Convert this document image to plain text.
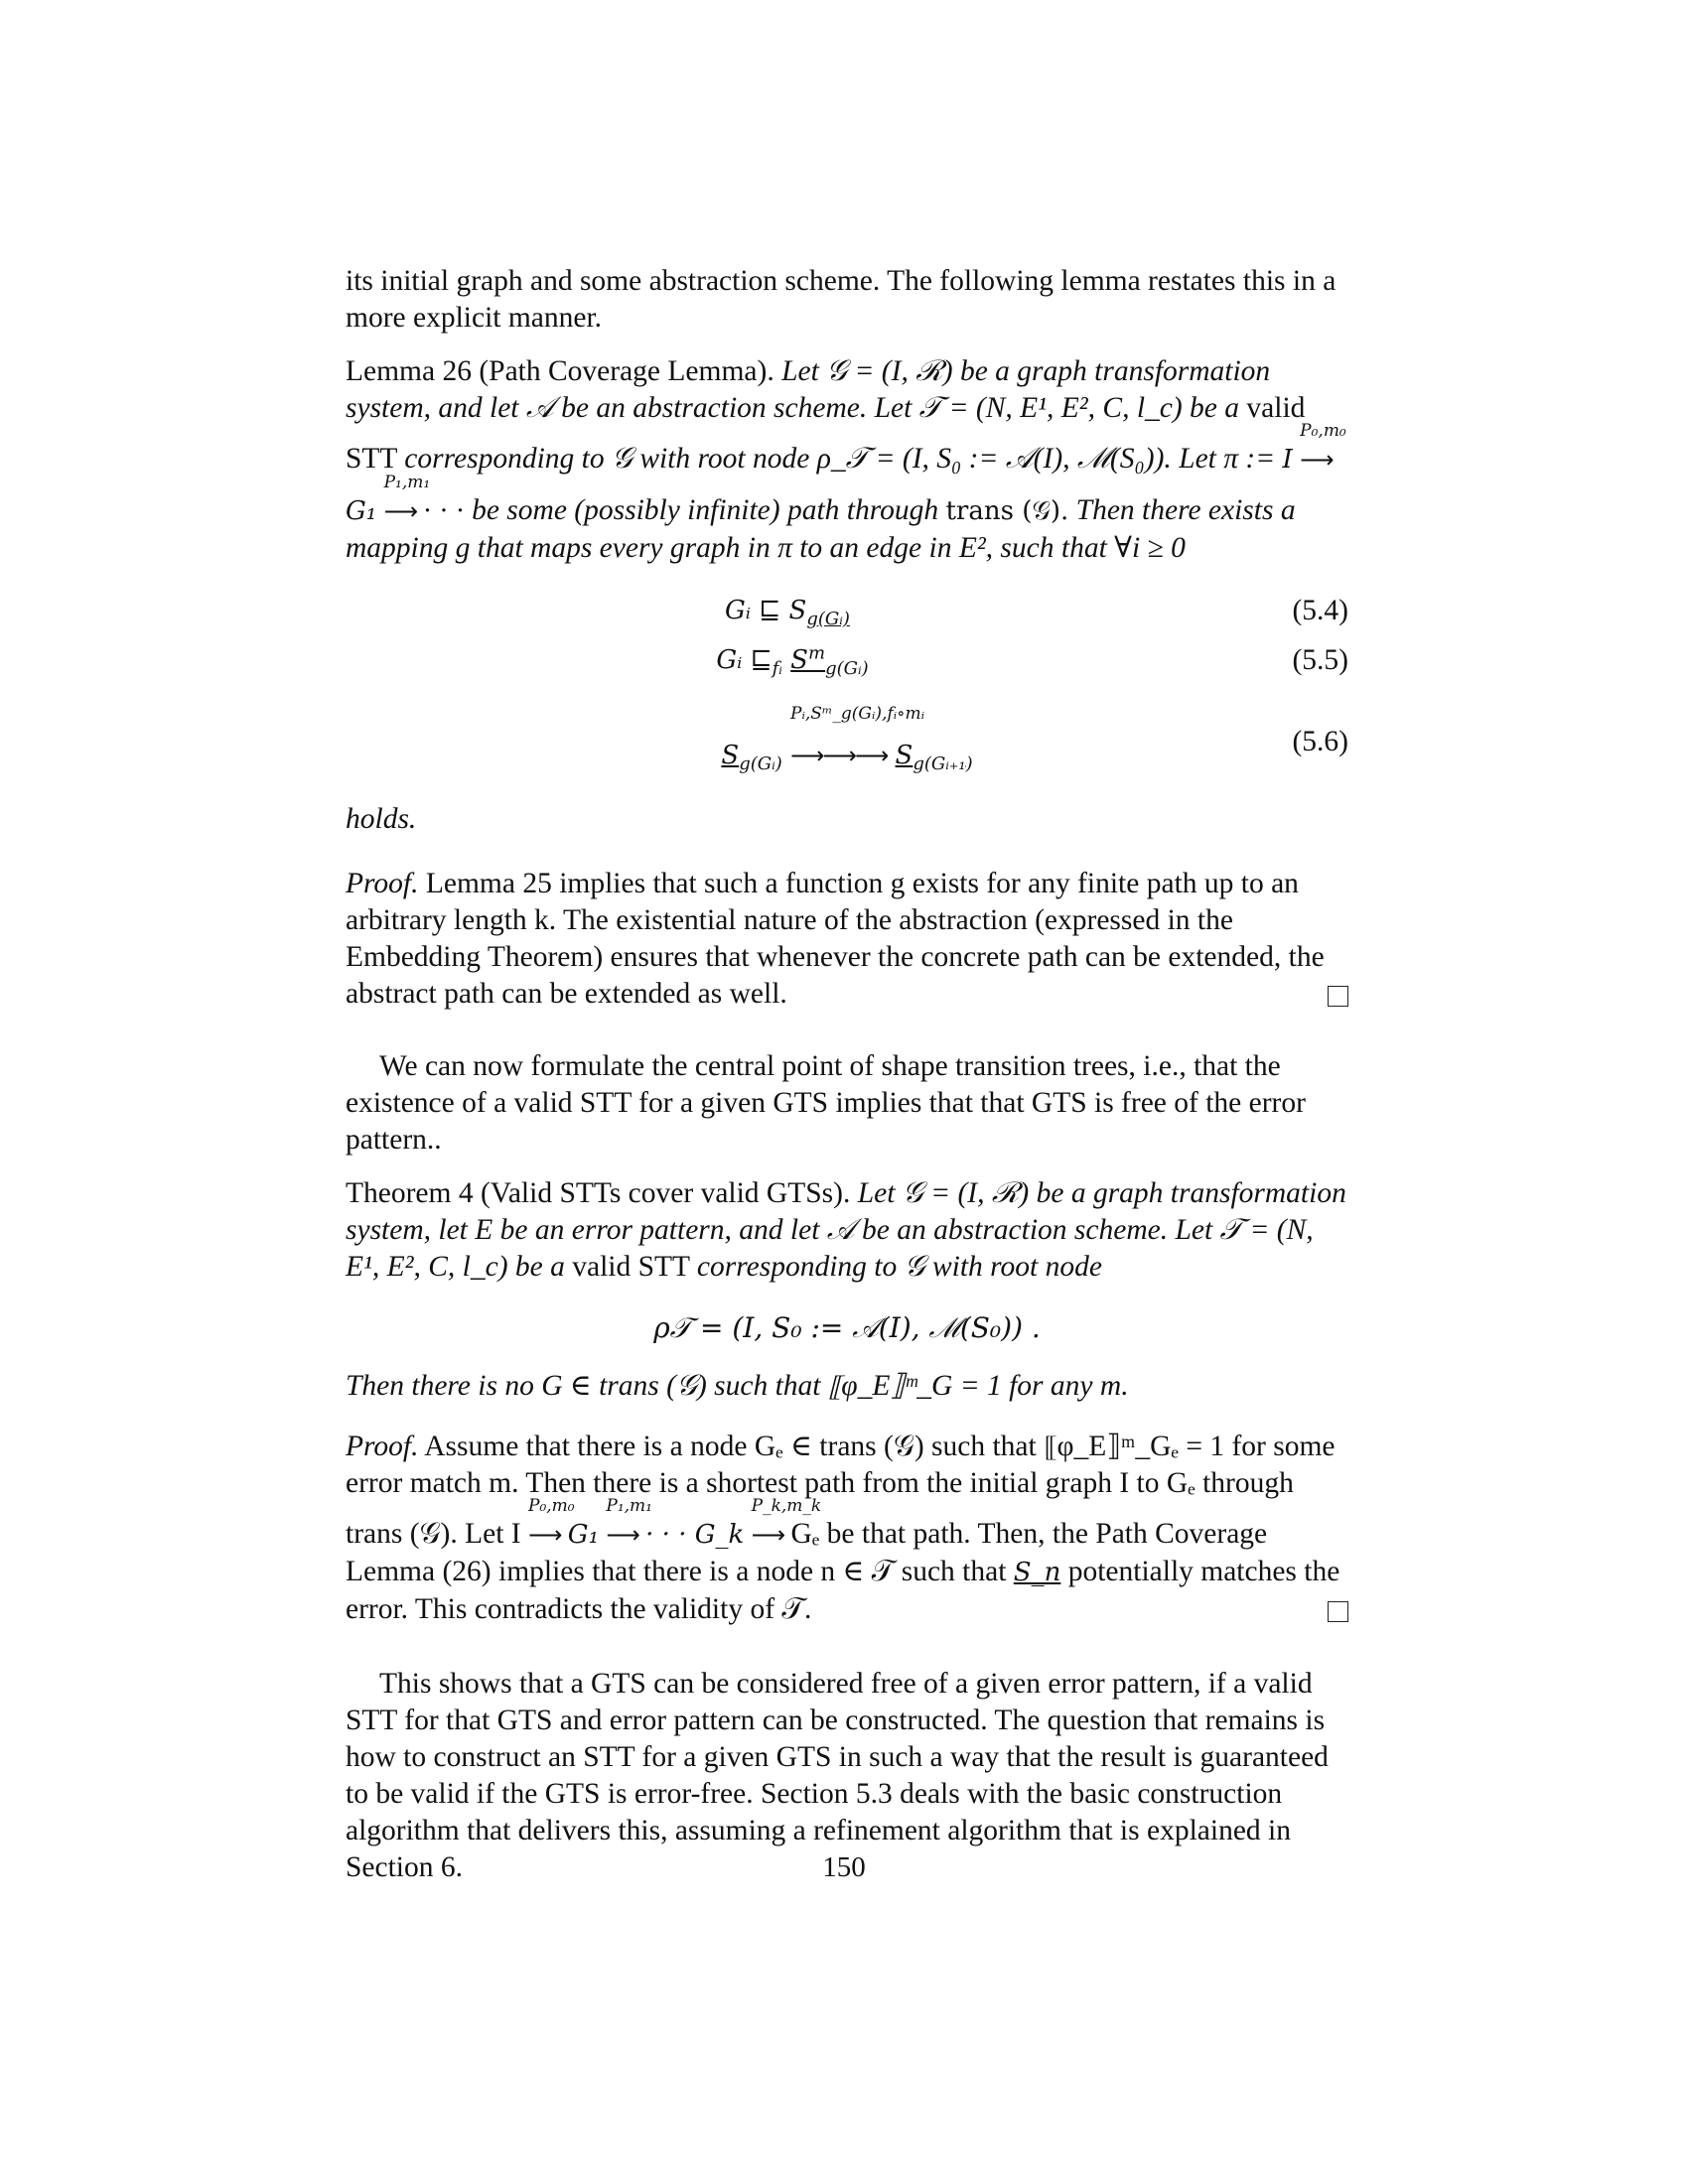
its initial graph and some abstraction scheme. The following lemma restates this in a
more explicit manner.

Lemma 26 (Path Coverage Lemma). Let 𝒢 = (I, ℛ) be a graph transformation system, and let 𝒜 be an abstraction scheme. Let 𝒯 = (N, E¹, E², C, l_c) be a valid STT corresponding to 𝒢 with root node ρ_𝒯 = (I, S₀ := 𝒜(I), ℳ(S₀)). Let π := I
P₀,m₀
⟶ G₁
P₁,m₁
⟶ · · · be some (possibly infinite) path through trans (𝒢). Then there exists a mapping g that maps every graph in π to an edge in E², such that ∀i ≥ 0

Gᵢ ⊑ $S_{g(Gᵢ)}$	(5.4)
Gᵢ $⊑_{fᵢ}$ $S^m_{g(Gᵢ)}$	(5.5)
$S_{g(Gᵢ)}$
Pᵢ,Sᵐ_g(Gᵢ),fᵢ∘mᵢ
⟶⟶⟶ $S_{g(Gᵢ_{+1})}$
(5.6)

holds.

Proof. Lemma 25 implies that such a function g exists for any finite path up to an arbitrary length k. The existential nature of the abstraction (expressed in the Embedding Theorem) ensures that whenever the concrete path can be extended, the abstract path can be extended as well.

We can now formulate the central point of shape transition trees, i.e., that the existence of a valid STT for a given GTS implies that that GTS is free of the error pattern..

Theorem 4 (Valid STTs cover valid GTSs). Let 𝒢 = (I, ℛ) be a graph transformation system, let E be an error pattern, and let 𝒜 be an abstraction scheme. Let 𝒯 = (N, E¹, E², C, l_c) be a valid STT corresponding to 𝒢 with root node

ρ𝒯 = (I, S₀ := 𝒜(I), ℳ(S₀)) .

Then there is no G ∈ trans (𝒢) such that ⟦φ_E⟧ᵐ_G = 1 for any m.

Proof. Assume that there is a node Gₑ ∈ trans (𝒢) such that ⟦φ_E⟧ᵐ_Gₑ = 1 for some error match m. Then there is a shortest path from the initial graph I to Gₑ through trans (𝒢). Let I
P₀,m₀
⟶ G₁
P₁,m₁
⟶ · · · G_k
P_k,m_k
⟶ Gₑ be that path. Then, the Path Coverage Lemma (26) implies that there is a node n ∈ 𝒯 such that S_n potentially matches the error. This contradicts the validity of 𝒯.

This shows that a GTS can be considered free of a given error pattern, if a valid STT for that GTS and error pattern can be constructed. The question that remains is how to construct an STT for a given GTS in such a way that the result is guaranteed to be valid if the GTS is error-free. Section 5.3 deals with the basic construction algorithm that delivers this, assuming a refinement algorithm that is explained in Section 6.	150
